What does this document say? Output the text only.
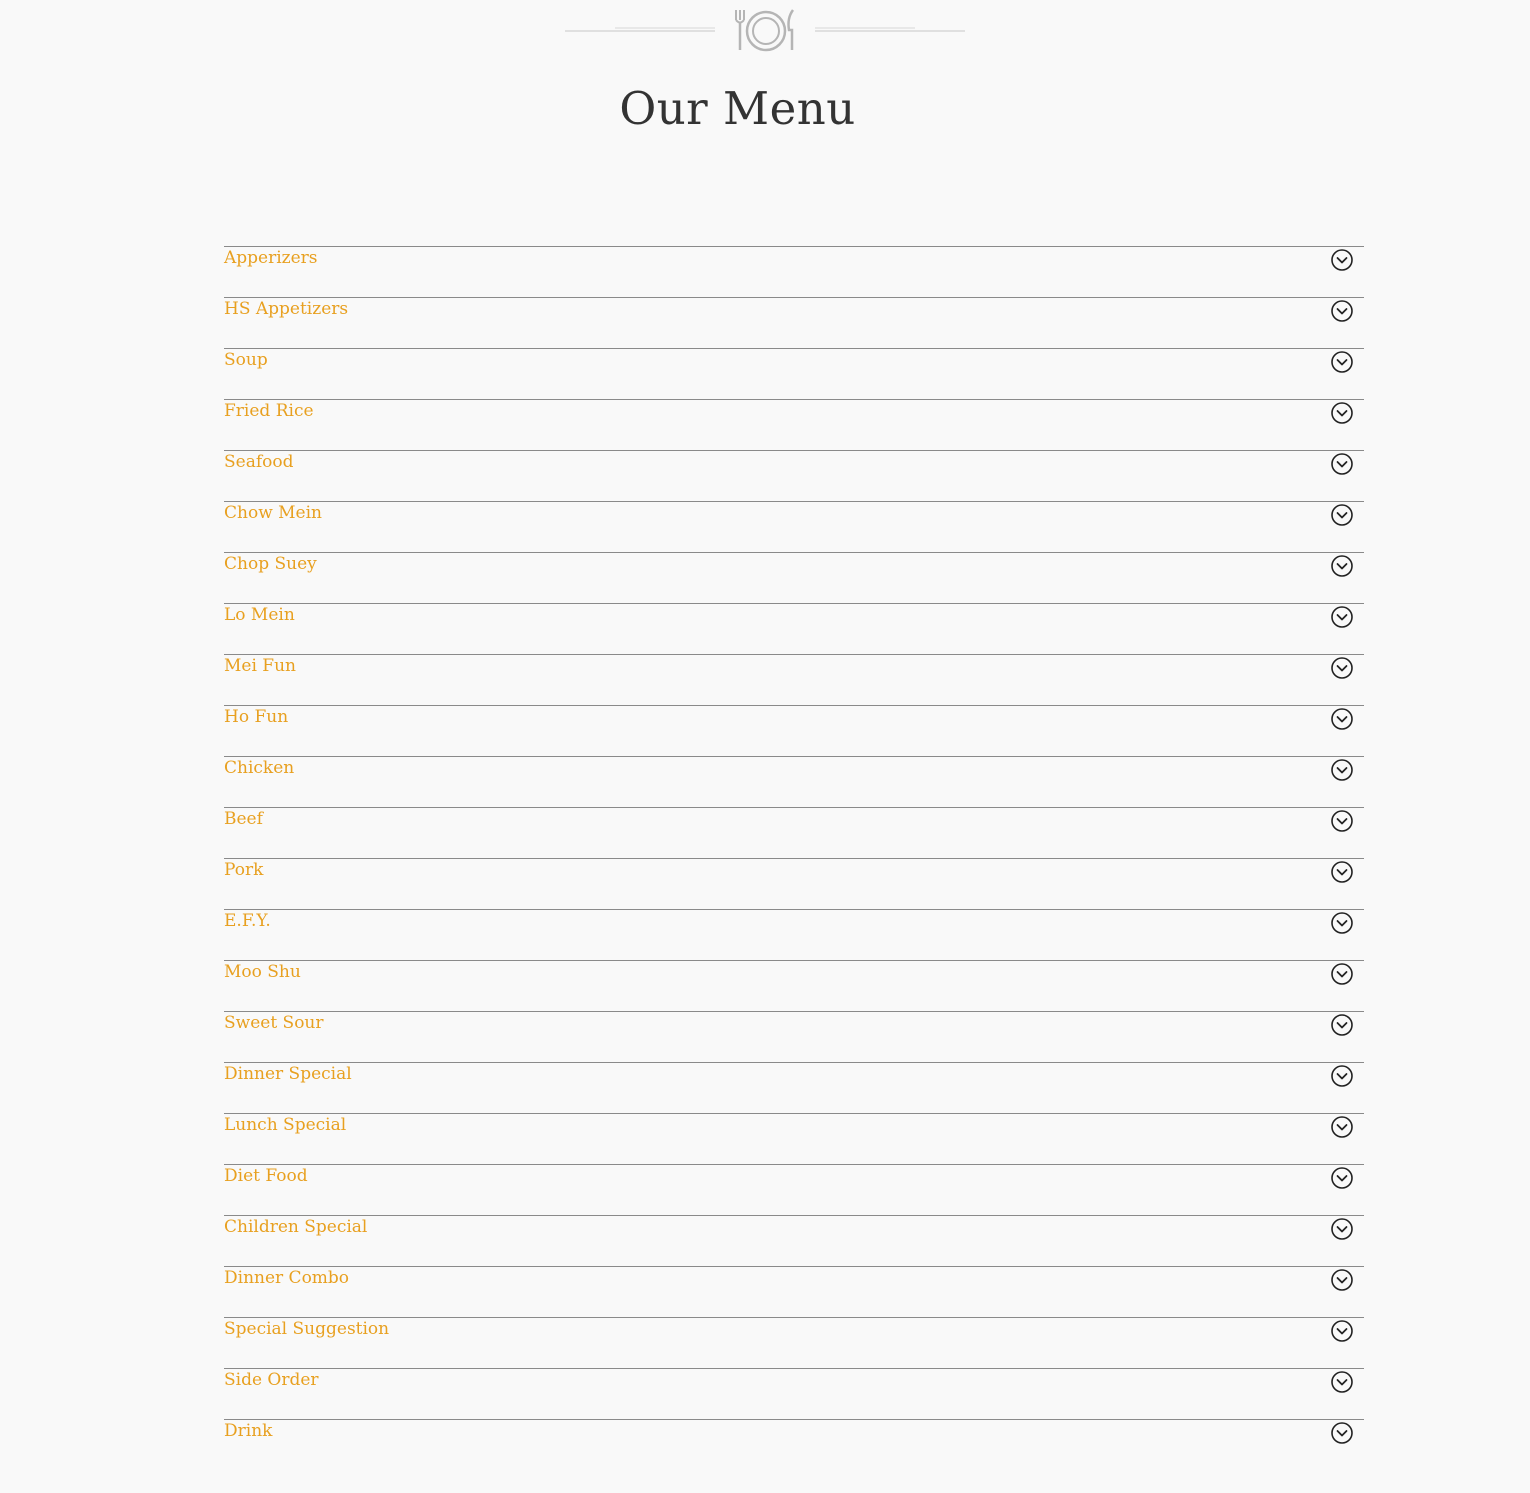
Our Menu
Apperizers
HS Appetizers
Soup
Fried Rice
Seafood
Chow Mein
Chop Suey
Lo Mein
Mei Fun
Ho Fun
Chicken
Beef
Pork
E.F.Y.
Moo Shu
Sweet Sour
Dinner Special
Lunch Special
Diet Food
Children Special
Dinner Combo
Special Suggestion
Side Order
Drink
